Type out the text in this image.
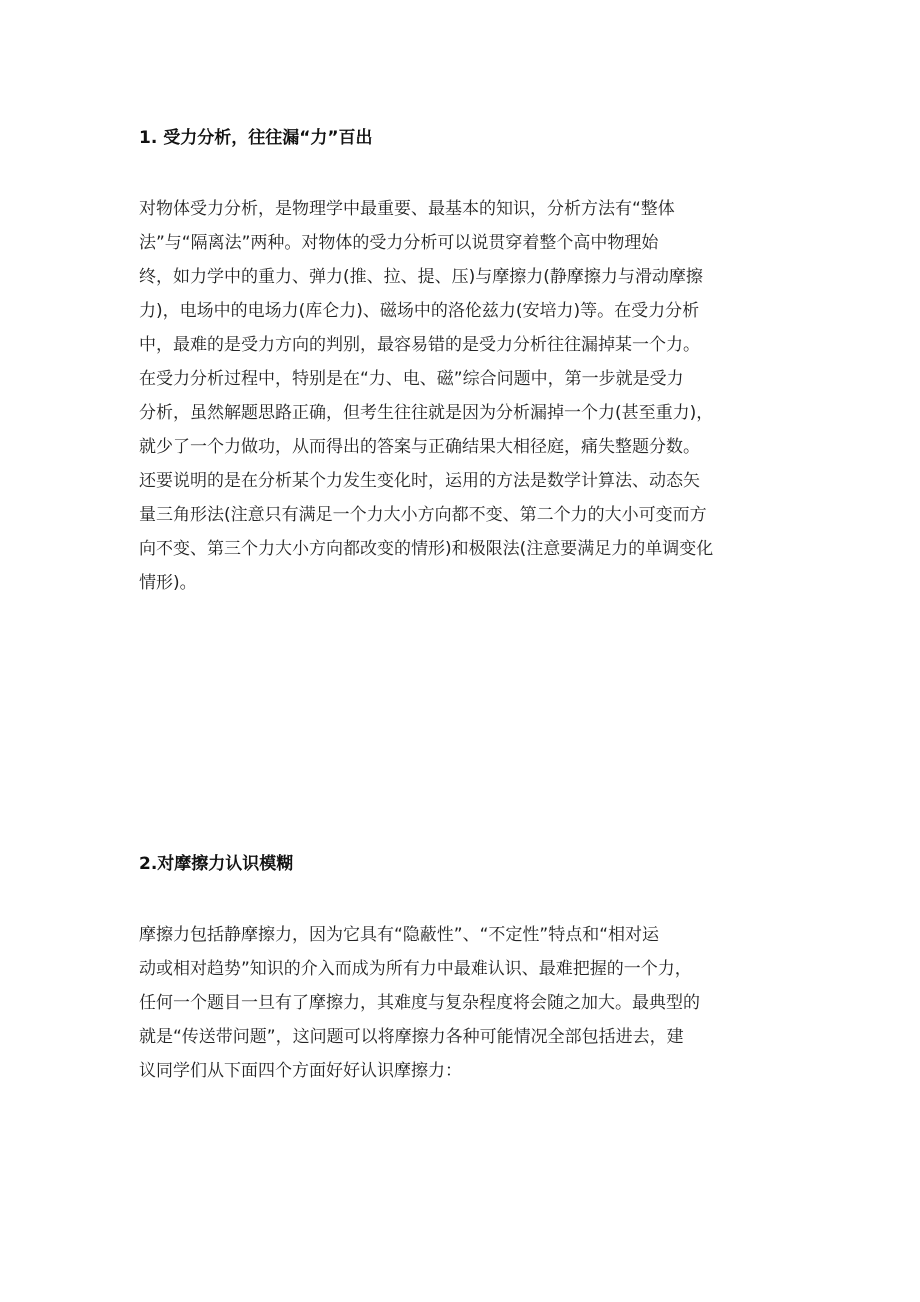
1. 受力分析，往往漏“力”百出
对物体受力分析，是物理学中最重要、最基本的知识，分析方法有“整体
法”与“隔离法”两种。对物体的受力分析可以说贯穿着整个高中物理始
终，如力学中的重力、弹力(推、拉、提、压)与摩擦力(静摩擦力与滑动摩擦
力)，电场中的电场力(库仑力)、磁场中的洛伦兹力(安培力)等。在受力分析
中，最难的是受力方向的判别，最容易错的是受力分析往往漏掉某一个力。
在受力分析过程中，特别是在“力、电、磁”综合问题中，第一步就是受力
分析，虽然解题思路正确，但考生往往就是因为分析漏掉一个力(甚至重力)，
就少了一个力做功，从而得出的答案与正确结果大相径庭，痛失整题分数。
还要说明的是在分析某个力发生变化时，运用的方法是数学计算法、动态矢
量三角形法(注意只有满足一个力大小方向都不变、第二个力的大小可变而方
向不变、第三个力大小方向都改变的情形)和极限法(注意要满足力的单调变化
情形)。
2.对摩擦力认识模糊
摩擦力包括静摩擦力，因为它具有“隐蔽性”、“不定性”特点和“相对运
动或相对趋势”知识的介入而成为所有力中最难认识、最难把握的一个力，
任何一个题目一旦有了摩擦力，其难度与复杂程度将会随之加大。最典型的
就是“传送带问题”，这问题可以将摩擦力各种可能情况全部包括进去，建
议同学们从下面四个方面好好认识摩擦力：
